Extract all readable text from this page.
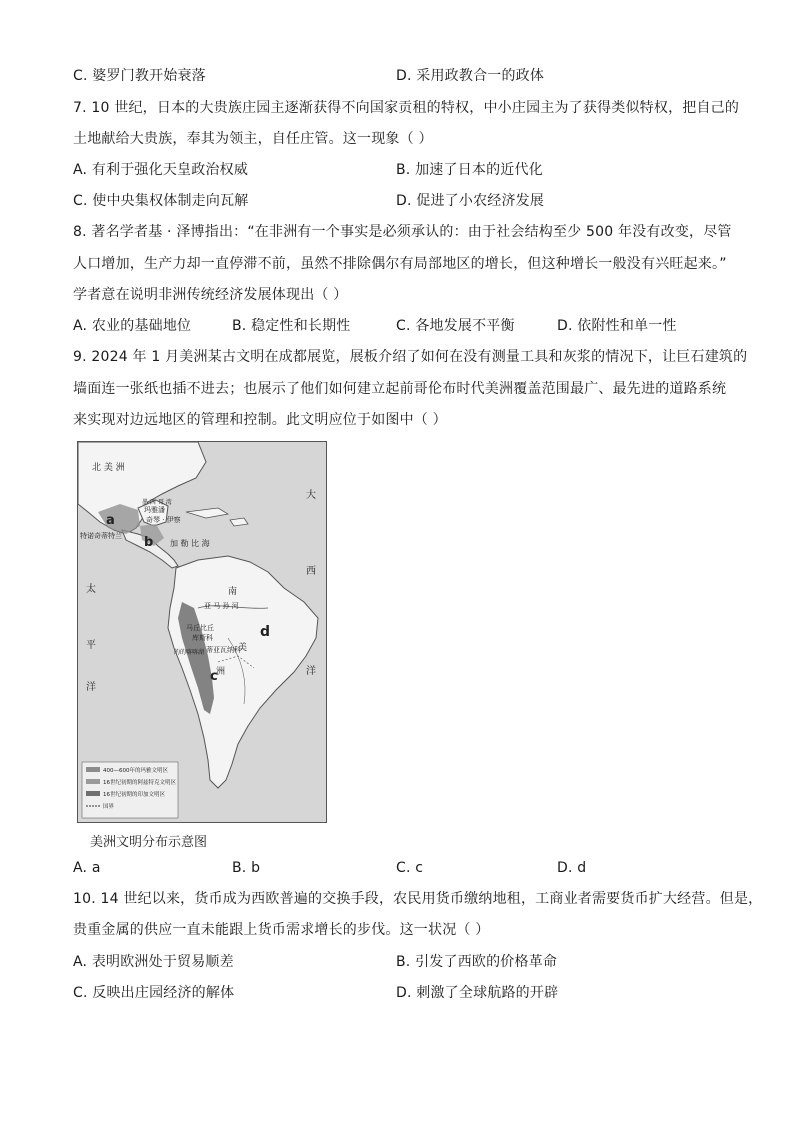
C. 婆罗门教开始衰落	D. 采用政教合一的政体
7. 10 世纪，日本的大贵族庄园主逐渐获得不向国家贡租的特权，中小庄园主为了获得类似特权，把自己的
土地献给大贵族，奉其为领主，自任庄管。这一现象（ ）
A. 有利于强化天皇政治权威	B. 加速了日本的近代化
C. 使中央集权体制走向瓦解	D. 促进了小农经济发展
8. 著名学者基 · 泽博指出：“在非洲有一个事实是必须承认的：由于社会结构至少 500 年没有改变，尽管
人口增加，生产力却一直停滞不前，虽然不排除偶尔有局部地区的增长，但这种增长一般没有兴旺起来。”
学者意在说明非洲传统经济发展体现出（ ）
A. 农业的基础地位	B. 稳定性和长期性	C. 各地发展不平衡	D. 依附性和单一性
9. 2024 年 1 月美洲某古文明在成都展览，展板介绍了如何在没有测量工具和灰浆的情况下，让巨石建筑的
墙面连一张纸也插不进去；也展示了他们如何建立起前哥伦布时代美洲覆盖范围最广、最先进的道路系统
来实现对边远地区的管理和控制。此文明应位于如图中（ ）
a
b
c
d
北 美 洲
玛雅潘
奇琴 · 伊察
特诺奇蒂特兰
墨 西 哥 湾
加 勒 比 海
亚 马 孙 河
马丘比丘
库斯科
的的喀喀湖 蒂亚瓦纳科
南
美
洲
大
西
洋
太
平
洋
400—600年的玛雅文明区
16世纪初期的阿兹特克文明区
16世纪初期的印加文明区
国界
美洲文明分布示意图
A. a	B. b	C. c	D. d
10. 14 世纪以来，货币成为西欧普遍的交换手段，农民用货币缴纳地租，工商业者需要货币扩大经营。但是，
贵重金属的供应一直未能跟上货币需求增长的步伐。这一状况（ ）
A. 表明欧洲处于贸易顺差	B. 引发了西欧的价格革命
C. 反映出庄园经济的解体	D. 刺激了全球航路的开辟
